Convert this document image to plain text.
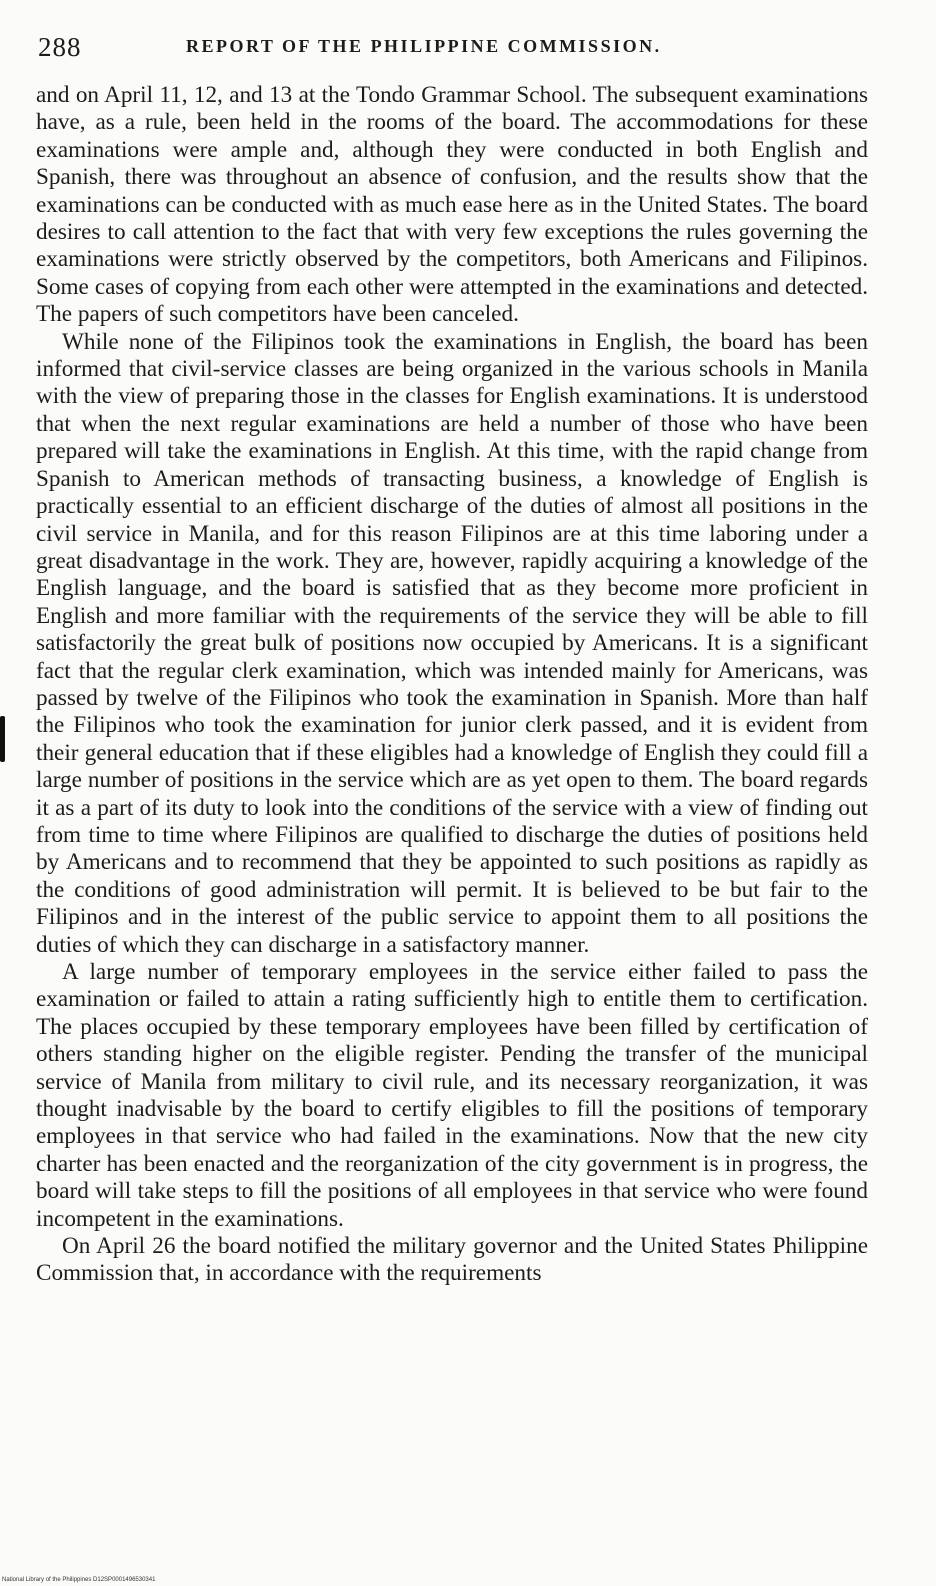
288	REPORT OF THE PHILIPPINE COMMISSION.

and on April 11, 12, and 13 at the Tondo Grammar School. The subsequent examinations have, as a rule, been held in the rooms of the board. The accommodations for these examinations were ample and, although they were conducted in both English and Spanish, there was throughout an absence of confusion, and the results show that the examinations can be conducted with as much ease here as in the United States. The board desires to call attention to the fact that with very few exceptions the rules governing the examinations were strictly observed by the competitors, both Americans and Filipinos. Some cases of copying from each other were attempted in the examinations and detected. The papers of such competitors have been canceled.

While none of the Filipinos took the examinations in English, the board has been informed that civil-service classes are being organized in the various schools in Manila with the view of preparing those in the classes for English examinations. It is understood that when the next regular examinations are held a number of those who have been prepared will take the examinations in English. At this time, with the rapid change from Spanish to American methods of transacting business, a knowledge of English is practically essential to an efficient discharge of the duties of almost all positions in the civil service in Manila, and for this reason Filipinos are at this time laboring under a great disadvantage in the work. They are, however, rapidly acquiring a knowledge of the English language, and the board is satisfied that as they become more proficient in English and more familiar with the requirements of the service they will be able to fill satisfactorily the great bulk of positions now occupied by Americans. It is a significant fact that the regular clerk examination, which was intended mainly for Americans, was passed by twelve of the Filipinos who took the examination in Spanish. More than half the Filipinos who took the examination for junior clerk passed, and it is evident from their general education that if these eligibles had a knowledge of English they could fill a large number of positions in the service which are as yet open to them. The board regards it as a part of its duty to look into the conditions of the service with a view of finding out from time to time where Filipinos are qualified to discharge the duties of positions held by Americans and to recommend that they be appointed to such positions as rapidly as the conditions of good administration will permit. It is believed to be but fair to the Filipinos and in the interest of the public service to appoint them to all positions the duties of which they can discharge in a satisfactory manner.

A large number of temporary employees in the service either failed to pass the examination or failed to attain a rating sufficiently high to entitle them to certification. The places occupied by these temporary employees have been filled by certification of others standing higher on the eligible register. Pending the transfer of the municipal service of Manila from military to civil rule, and its necessary reorganization, it was thought inadvisable by the board to certify eligibles to fill the positions of temporary employees in that service who had failed in the examinations. Now that the new city charter has been enacted and the reorganization of the city government is in progress, the board will take steps to fill the positions of all employees in that service who were found incompetent in the examinations.

On April 26 the board notified the military governor and the United States Philippine Commission that, in accordance with the requirements

National Library of the Philippines D12SP0001496530341
